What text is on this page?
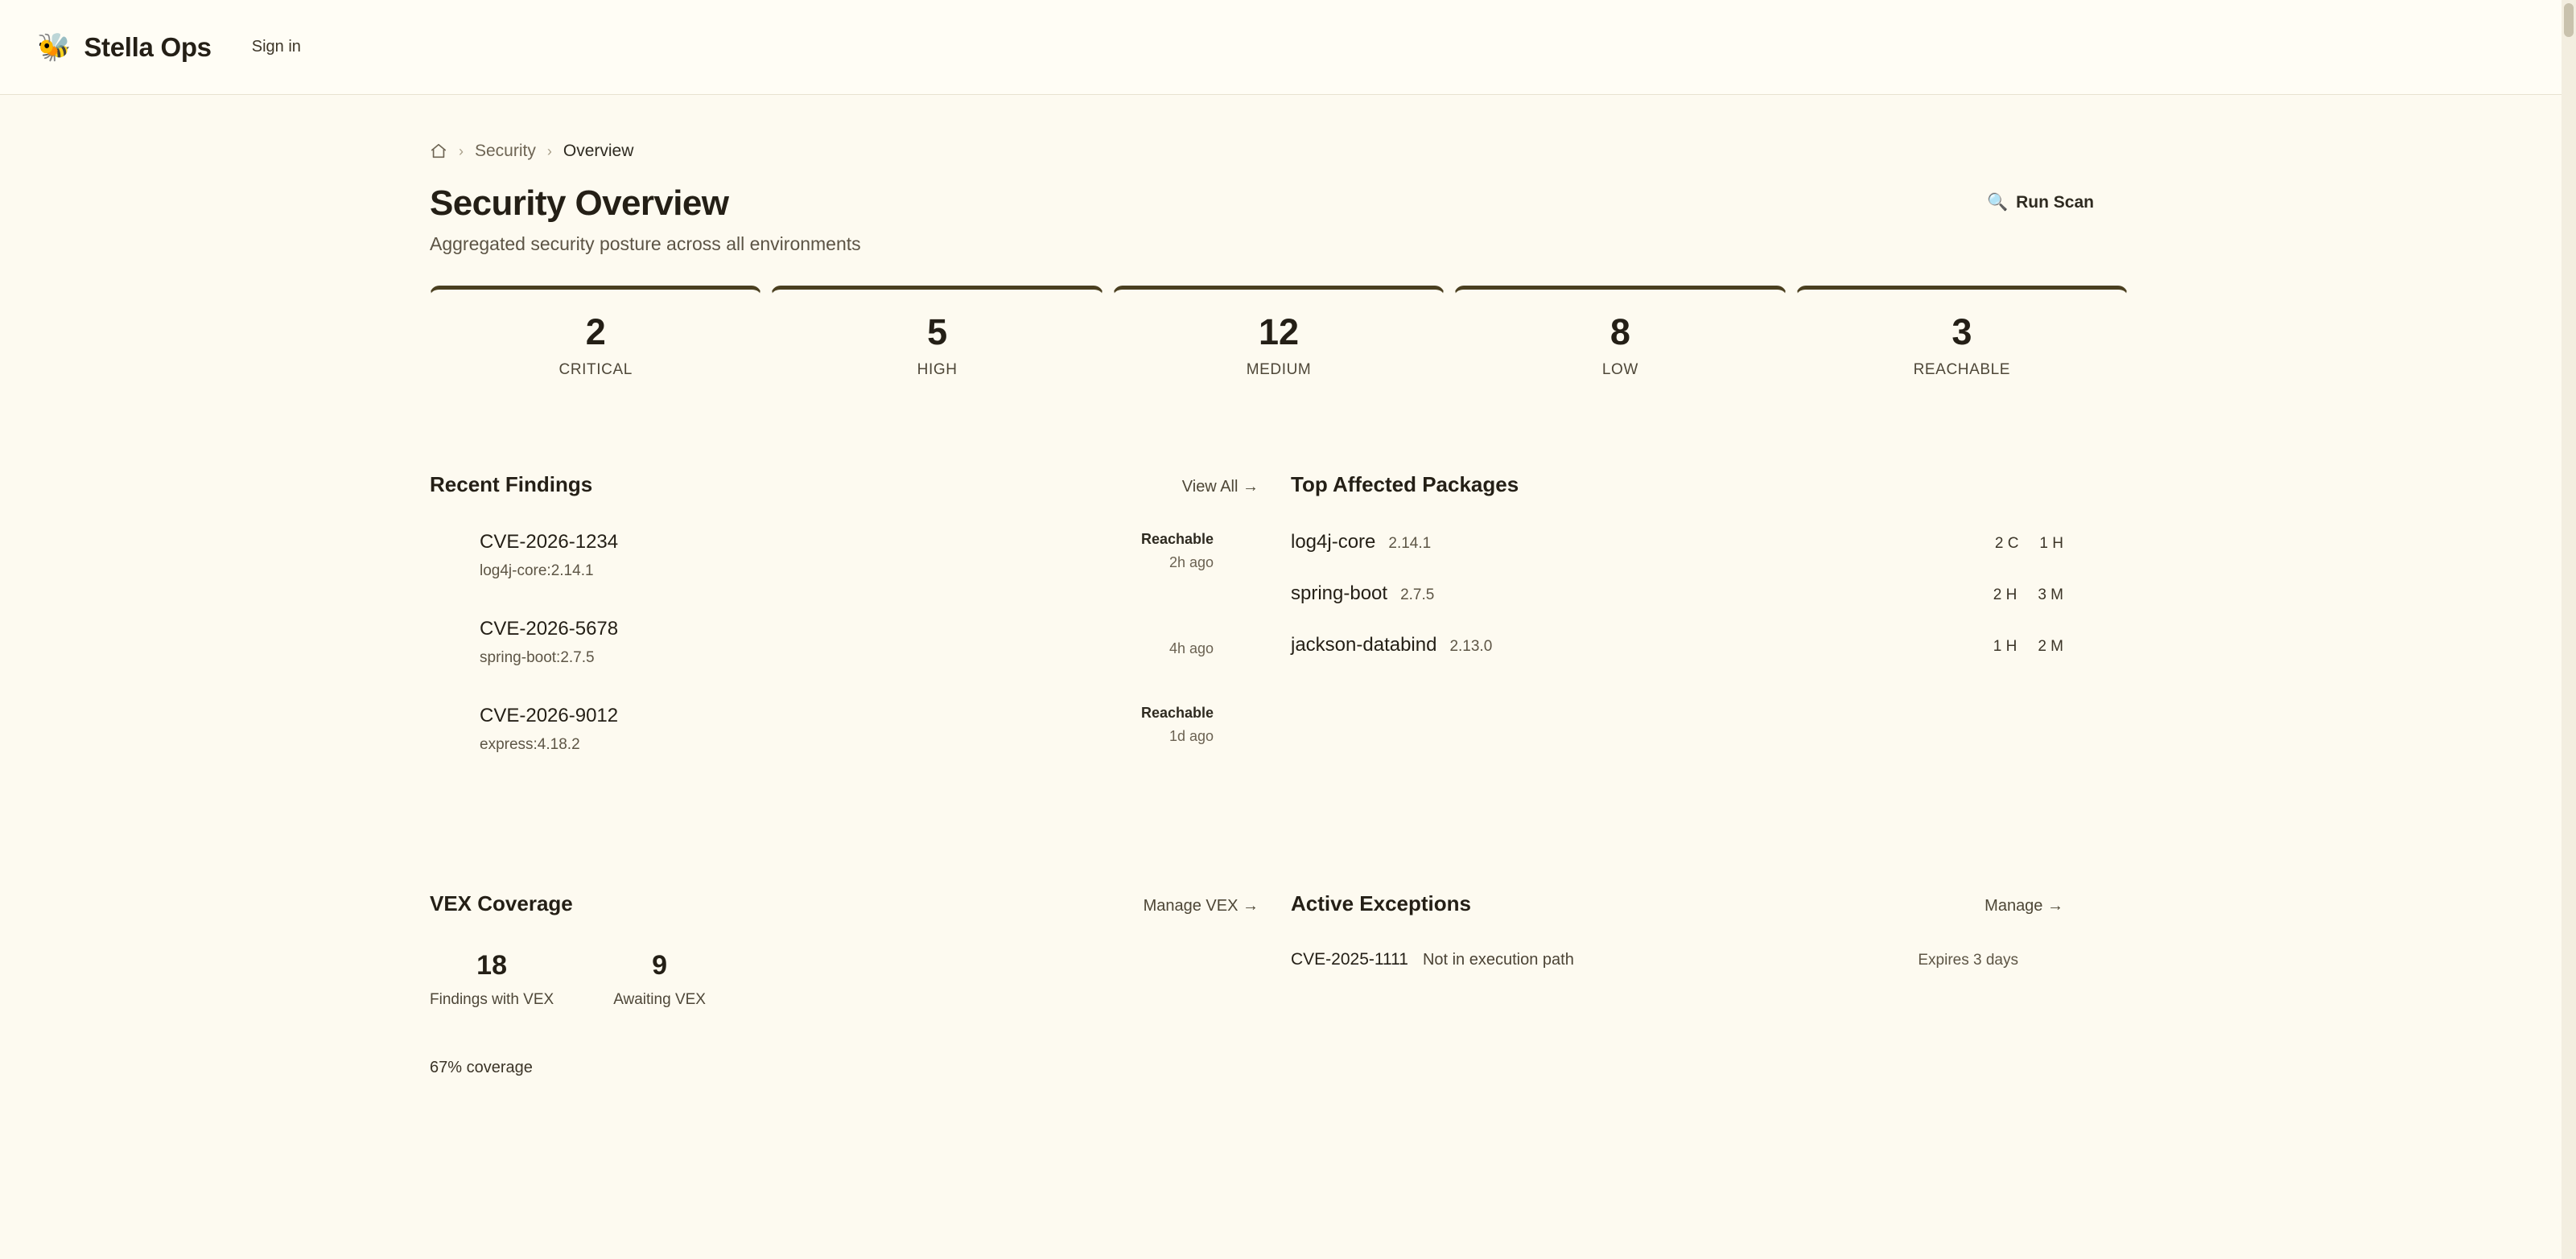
🐝 Stella Ops	Sign in
› Security › Overview
Security Overview
Aggregated security posture across all environments
🔍 Run Scan
2
CRITICAL
5
HIGH
12
MEDIUM
8
LOW
3
REACHABLE
Recent Findings	View All →
CVE-2026-1234
log4j-core:2.14.1
Reachable
2h ago
CVE-2026-5678
spring-boot:2.7.5
4h ago
CVE-2026-9012
express:4.18.2
Reachable
1d ago
Top Affected Packages
log4j-core 2.14.1	2 C 1 H
spring-boot 2.7.5	2 H 3 M
jackson-databind 2.13.0	1 H 2 M
VEX Coverage	Manage VEX →
18
Findings with VEX
9
Awaiting VEX
67% coverage
Active Exceptions	Manage →
CVE-2025-1111 Not in execution path	Expires 3 days
